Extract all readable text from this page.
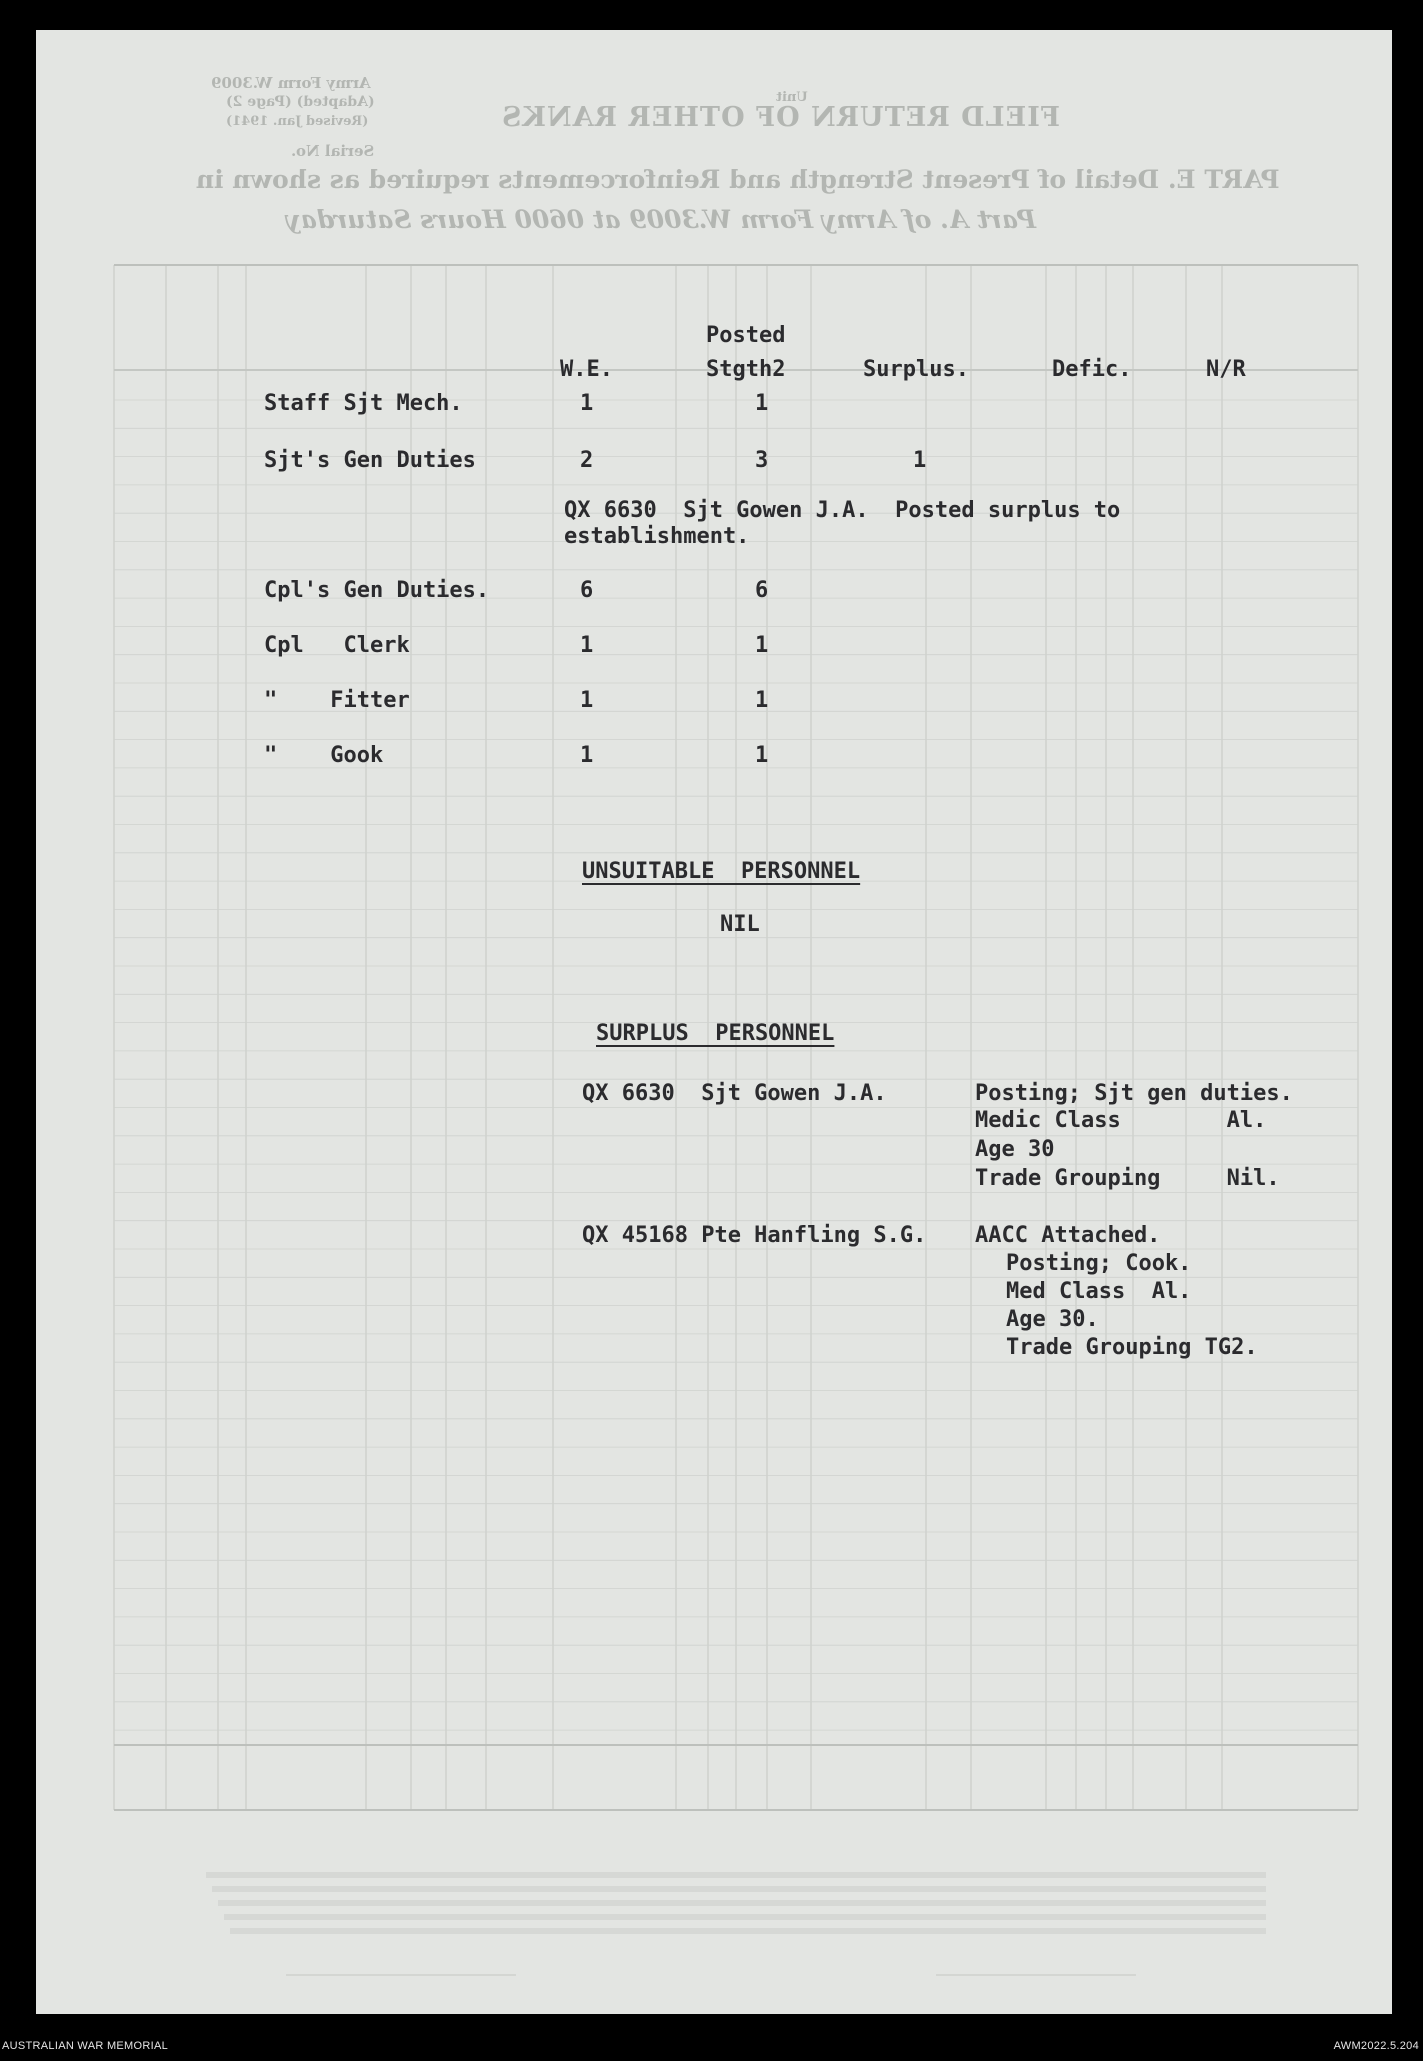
Army Form W.3009
(Adapted) (Page 2)
(Revised Jan. 1941)
Serial No.
FIELD RETURN OF OTHER RANKS
Unit
PART E. Detail of Present Strength and Reinforcements required as shown in
Part A. of Army Form W.3009 at 0600 Hours Saturday
Posted
W.E.	Stgth2	Surplus.	Defic.	N/R
Staff Sjt Mech.	1	1
Sjt's Gen Duties	2	3	1
QX 6630  Sjt Gowen J.A.  Posted surplus to
establishment.
Cpl's Gen Duties.	6	6
Cpl   Clerk	1	1
"    Fitter	1	1
"    Gook	1	1
UNSUITABLE  PERSONNEL
NIL
SURPLUS  PERSONNEL
QX 6630  Sjt Gowen J.A.	Posting; Sjt gen duties.
Medic Class        Al.
Age 30
Trade Grouping     Nil.
QX 45168 Pte Hanfling S.G. AACC Attached.
Posting; Cook.
Med Class  Al.
Age 30.
Trade Grouping TG2.
AUSTRALIAN WAR MEMORIAL	AWM2022.5.204
